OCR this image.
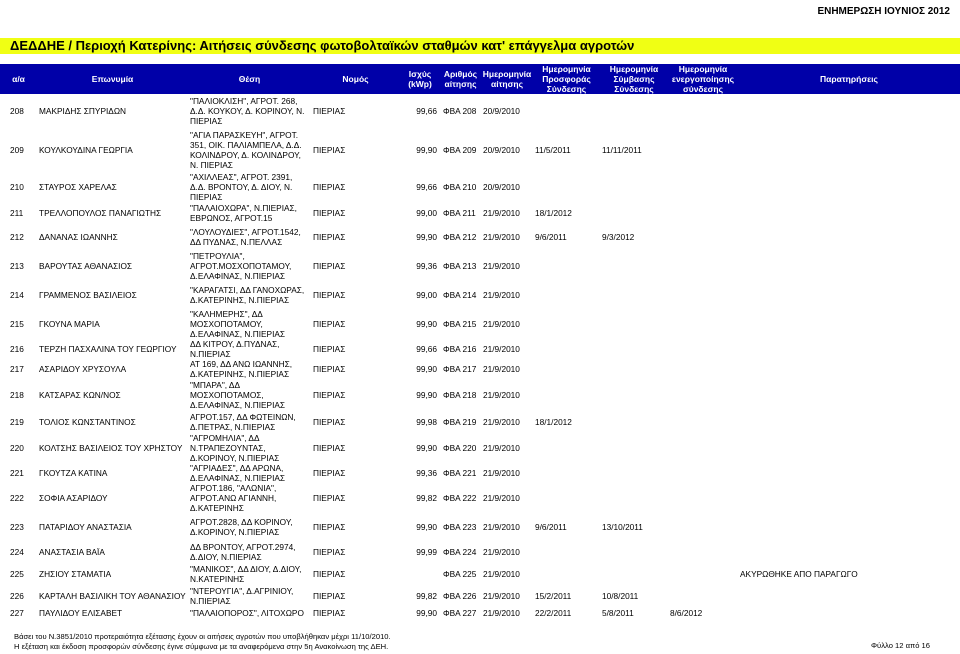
ΕΝΗΜΕΡΩΣΗ ΙΟΥΝΙΟΣ 2012
ΔΕΔΔΗΕ / Περιοχή Κατερίνης: Αιτήσεις σύνδεσης φωτοβολταϊκών σταθμών κατ' επάγγελμα αγροτών
α/α	Επωνυμία	Θέση	Νομός	Ισχύς (kWp)	Αριθμός αίτησης	Ημερομηνία αίτησης	Ημερομηνία Προσφοράς Σύνδεσης	Ημερομηνία Σύμβασης Σύνδεσης	Ημερομηνία ενεργοποίησης σύνδεσης	Παρατηρήσεις
208	ΜΑΚΡΙΔΗΣ ΣΠΥΡΙΔΩΝ	"ΠΑΛΙΟΚΛΙΣΗ", ΑΓΡΟΤ. 268, Δ.Δ. ΚΟΥΚΟΥ, Δ. ΚΟΡΙΝΟΥ, Ν. ΠΙΕΡΙΑΣ	ΠΙΕΡΙΑΣ	99,66	ΦΒΑ 208	20/9/2010				
209	ΚΟΥΛΚΟΥΔΙΝΑ ΓΕΩΡΓΙΑ	"ΑΓΙΑ ΠΑΡΑΣΚΕΥΗ", ΑΓΡΟΤ. 351, ΟΙΚ. ΠΑΛΙΑΜΠΕΛΑ, Δ.Δ. ΚΟΛΙΝΔΡΟΥ, Δ. ΚΟΛΙΝΔΡΟΥ, Ν. ΠΙΕΡΙΑΣ	ΠΙΕΡΙΑΣ	99,90	ΦΒΑ 209	20/9/2010	11/5/2011	11/11/2011		
210	ΣΤΑΥΡΟΣ ΧΑΡΕΛΑΣ	"ΑΧΙΛΛΕΑΣ", ΑΓΡΟΤ. 2391, Δ.Δ. ΒΡΟΝΤΟΥ, Δ. ΔΙΟΥ, Ν. ΠΙΕΡΙΑΣ	ΠΙΕΡΙΑΣ	99,66	ΦΒΑ 210	20/9/2010				
211	ΤΡΕΛΛΟΠΟΥΛΟΣ ΠΑΝΑΓΙΩΤΗΣ	"ΠΑΛΑΙΟΧΩΡΑ", Ν.ΠΙΕΡΙΑΣ, ΕΒΡΩΝΟΣ, ΑΓΡΟΤ.15	ΠΙΕΡΙΑΣ	99,00	ΦΒΑ 211	21/9/2010	18/1/2012			
212	ΔΑΝΑΝΑΣ ΙΩΑΝΝΗΣ	"ΛΟΥΛΟΥΔΙΕΣ", ΑΓΡΟΤ.1542, ΔΔ ΠΥΔΝΑΣ, Ν.ΠΕΛΛΑΣ	ΠΙΕΡΙΑΣ	99,90	ΦΒΑ 212	21/9/2010	9/6/2011	9/3/2012		
213	ΒΑΡΟΥΤΑΣ ΑΘΑΝΑΣΙΟΣ	"ΠΕΤΡΟΥΛΙΑ", ΑΓΡΟΤ.ΜΟΣΧΟΠΟΤΑΜΟΥ, Δ.ΕΛΑΦΙΝΑΣ, Ν.ΠΙΕΡΙΑΣ	ΠΙΕΡΙΑΣ	99,36	ΦΒΑ 213	21/9/2010				
214	ΓΡΑΜΜΕΝΟΣ ΒΑΣΙΛΕΙΟΣ	"ΚΑΡΑΓΑΤΣΙ, ΔΔ ΓΑΝΟΧΩΡΑΣ, Δ.ΚΑΤΕΡΙΝΗΣ, Ν.ΠΙΕΡΙΑΣ	ΠΙΕΡΙΑΣ	99,00	ΦΒΑ 214	21/9/2010				
215	ΓΚΟΥΝΑ ΜΑΡΙΑ	"ΚΑΛΗΜΕΡΗΣ", ΔΔ ΜΟΣΧΟΠΟΤΑΜΟΥ, Δ.ΕΛΑΦΙΝΑΣ, Ν.ΠΙΕΡΙΑΣ	ΠΙΕΡΙΑΣ	99,90	ΦΒΑ 215	21/9/2010				
216	ΤΕΡΖΗ ΠΑΣΧΑΛΙΝΑ ΤΟΥ ΓΕΩΡΓΙΟΥ	ΔΔ ΚΙΤΡΟΥ, Δ.ΠΥΔΝΑΣ, Ν.ΠΙΕΡΙΑΣ	ΠΙΕΡΙΑΣ	99,66	ΦΒΑ 216	21/9/2010				
217	ΑΣΑΡΙΔΟΥ ΧΡΥΣΟΥΛΑ	ΑΤ 169, ΔΔ ΑΝΩ ΙΩΑΝΝΗΣ, Δ.ΚΑΤΕΡΙΝΗΣ, Ν.ΠΙΕΡΙΑΣ	ΠΙΕΡΙΑΣ	99,90	ΦΒΑ 217	21/9/2010				
218	ΚΑΤΣΑΡΑΣ ΚΩΝ/ΝΟΣ	"ΜΠΑΡΑ", ΔΔ ΜΟΣΧΟΠΟΤΑΜΟΣ, Δ.ΕΛΑΦΙΝΑΣ, Ν.ΠΙΕΡΙΑΣ	ΠΙΕΡΙΑΣ	99,90	ΦΒΑ 218	21/9/2010				
219	ΤΟΛΙΟΣ ΚΩΝΣΤΑΝΤΙΝΟΣ	ΑΓΡΟΤ.157, ΔΔ ΦΩΤΕΙΝΩΝ, Δ.ΠΕΤΡΑΣ, Ν.ΠΙΕΡΙΑΣ	ΠΙΕΡΙΑΣ	99,98	ΦΒΑ 219	21/9/2010	18/1/2012			
220	ΚΟΛΤΣΗΣ ΒΑΣΙΛΕΙΟΣ ΤΟΥ ΧΡΗΣΤΟΥ	"ΑΓΡΟΜΗΛΙΑ", ΔΔ Ν.ΤΡΑΠΕΖΟΥΝΤΑΣ, Δ.ΚΟΡΙΝΟΥ, Ν.ΠΙΕΡΙΑΣ	ΠΙΕΡΙΑΣ	99,90	ΦΒΑ 220	21/9/2010				
221	ΓΚΟΥΤΖΑ ΚΑΤΙΝΑ	"ΑΓΡΙΑΔΕΣ", ΔΔ ΑΡΩΝΑ, Δ.ΕΛΑΦΙΝΑΣ, Ν.ΠΙΕΡΙΑΣ	ΠΙΕΡΙΑΣ	99,36	ΦΒΑ 221	21/9/2010				
222	ΣΟΦΙΑ ΑΣΑΡΙΔΟΥ	ΑΓΡΟΤ.186, "ΑΛΩΝΙΑ", ΑΓΡΟΤ.ΑΝΩ ΑΓΙΑΝΝΗ, Δ.ΚΑΤΕΡΙΝΗΣ	ΠΙΕΡΙΑΣ	99,82	ΦΒΑ 222	21/9/2010				
223	ΠΑΤΑΡΙΔΟΥ ΑΝΑΣΤΑΣΙΑ	ΑΓΡΟΤ.2828, ΔΔ ΚΟΡΙΝΟΥ, Δ.ΚΟΡΙΝΟΥ, Ν.ΠΙΕΡΙΑΣ	ΠΙΕΡΙΑΣ	99,90	ΦΒΑ 223	21/9/2010	9/6/2011	13/10/2011		
224	ΑΝΑΣΤΑΣΙΑ ΒΑΪΑ	ΔΔ ΒΡΟΝΤΟΥ, ΑΓΡΟΤ.2974, Δ.ΔΙΟΥ, Ν.ΠΙΕΡΙΑΣ	ΠΙΕΡΙΑΣ	99,99	ΦΒΑ 224	21/9/2010				
225	ΖΗΣΙΟΥ ΣΤΑΜΑΤΙΑ	"ΜΑΝΙΚΟΣ", ΔΔ ΔΙΟΥ, Δ.ΔΙΟΥ, Ν.ΚΑΤΕΡΙΝΗΣ	ΠΙΕΡΙΑΣ		ΦΒΑ 225	21/9/2010				ΑΚΥΡΩΘΗΚΕ ΑΠΟ ΠΑΡΑΓΩΓΟ
226	ΚΑΡΤΑΛΗ ΒΑΣΙΛΙΚΗ ΤΟΥ ΑΘΑΝΑΣΙΟΥ	"ΝΤΕΡΟΥΓΙΑ", Δ.ΑΓΡΙΝΙΟΥ, Ν.ΠΙΕΡΙΑΣ	ΠΙΕΡΙΑΣ	99,82	ΦΒΑ 226	21/9/2010	15/2/2011	10/8/2011		
227	ΠΑΥΛΙΔΟΥ ΕΛΙΣΑΒΕΤ	"ΠΑΛΑΙΟΠΟΡΟΣ", ΛΙΤΟΧΩΡΟ	ΠΙΕΡΙΑΣ	99,90	ΦΒΑ 227	21/9/2010	22/2/2011	5/8/2011	8/6/2012	
Βάσει του Ν.3851/2010 προτεραιότητα εξέτασης έχουν οι αιτήσεις αγροτών που υποβλήθηκαν μέχρι 11/10/2010.
Η εξέταση και έκδοση προσφορών σύνδεσης έγινε σύμφωνα με τα αναφερόμενα στην 5η Ανακοίνωση της ΔΕΗ.	Φύλλο 12 από 16
